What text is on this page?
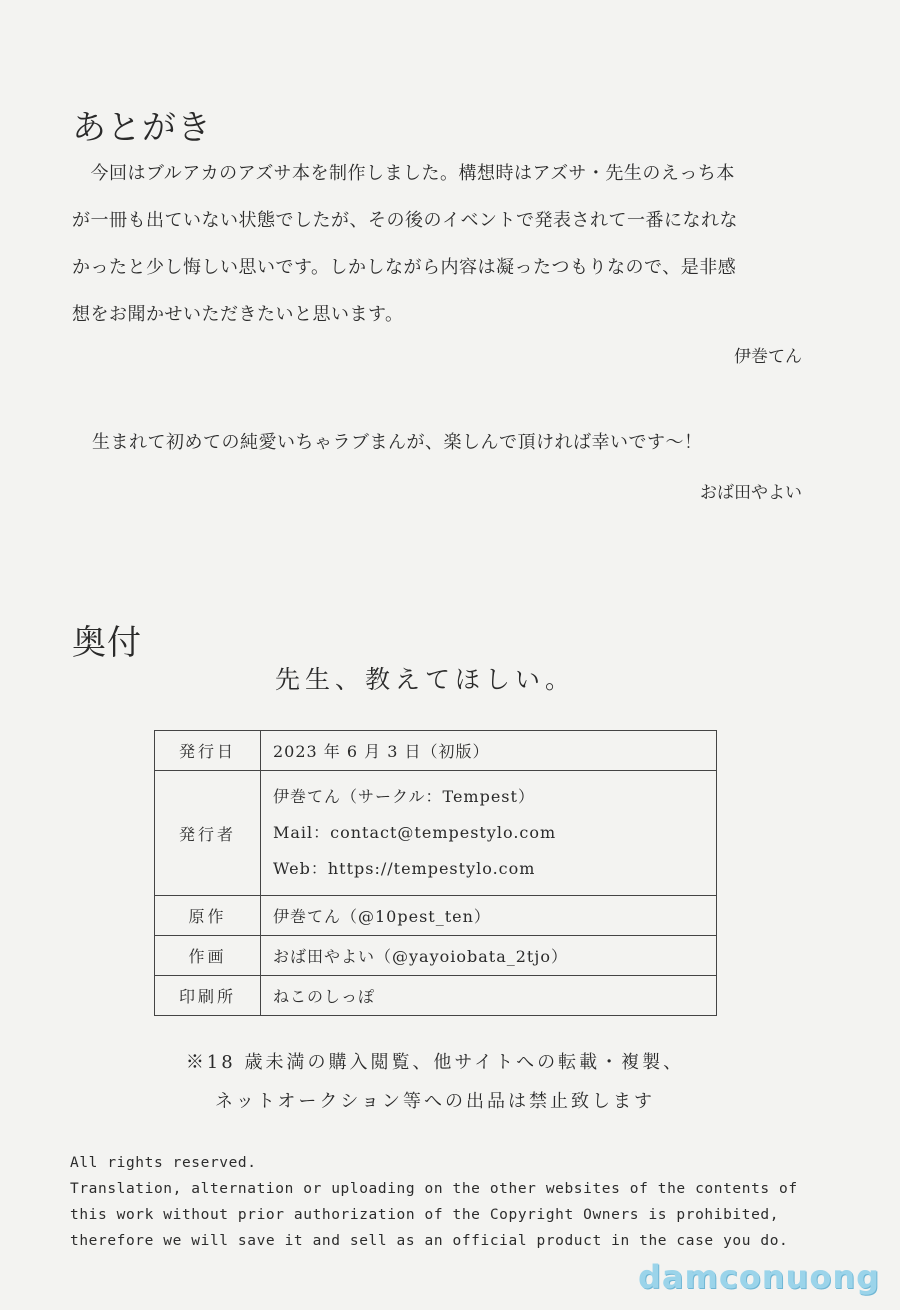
あとがき

　今回はブルアカのアズサ本を制作しました。構想時はアズサ・先生のえっち本
が一冊も出ていない状態でしたが、その後のイベントで発表されて一番になれな
かったと少し悔しい思いです。しかしながら内容は凝ったつもりなので、是非感
想をお聞かせいただきたいと思います。

伊巻てん

生まれて初めての純愛いちゃラブまんが、楽しんで頂ければ幸いです～！

おば田やよい

奥付

先生、教えてほしい。

発行日	2023 年 6 月 3 日（初版）
発行者	伊巻てん（サークル：Tempest）
Mail：contact@tempestylo.com
Web：https://tempestylo.com

原作	伊巻てん（@10pest_ten）
作画	おば田やよい（@yayoiobata_2tjo）
印刷所	ねこのしっぽ

※18 歳未満の購入閲覧、他サイトへの転載・複製、

ネットオークション等への出品は禁止致します

All rights reserved.
Translation, alternation or uploading on the other websites of the contents of
this work without prior authorization of the Copyright Owners is prohibited,
therefore we will save it and sell as an official product in the case you do.

damconuong
